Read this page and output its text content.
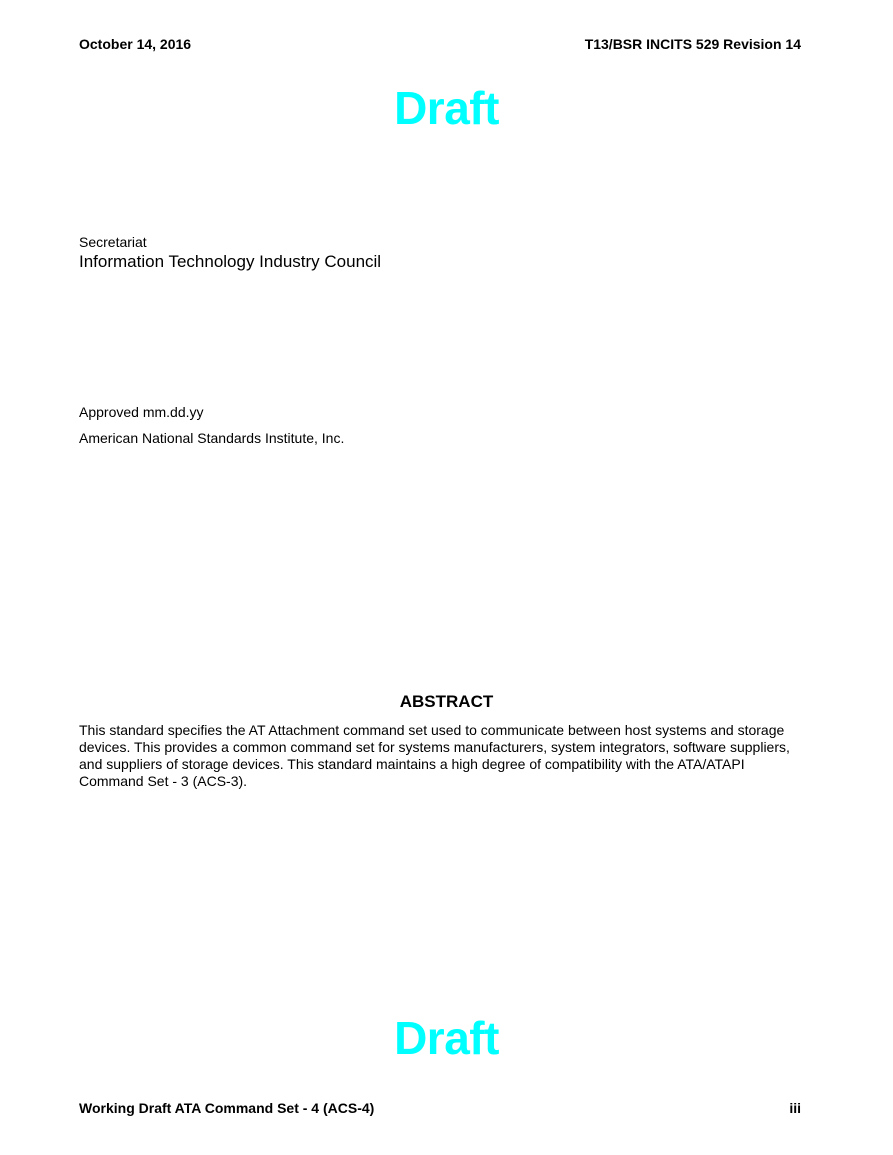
October 14, 2016	T13/BSR INCITS 529 Revision 14
Draft
Secretariat
Information Technology Industry Council
Approved mm.dd.yy
American National Standards Institute, Inc.
ABSTRACT
This standard specifies the AT Attachment command set used to communicate between host systems and storage devices. This provides a common command set for systems manufacturers, system integrators, software suppliers, and suppliers of storage devices. This standard maintains a high degree of compatibility with the ATA/ATAPI Command Set - 3 (ACS-3).
Draft
Working Draft ATA Command Set - 4 (ACS-4)	iii
